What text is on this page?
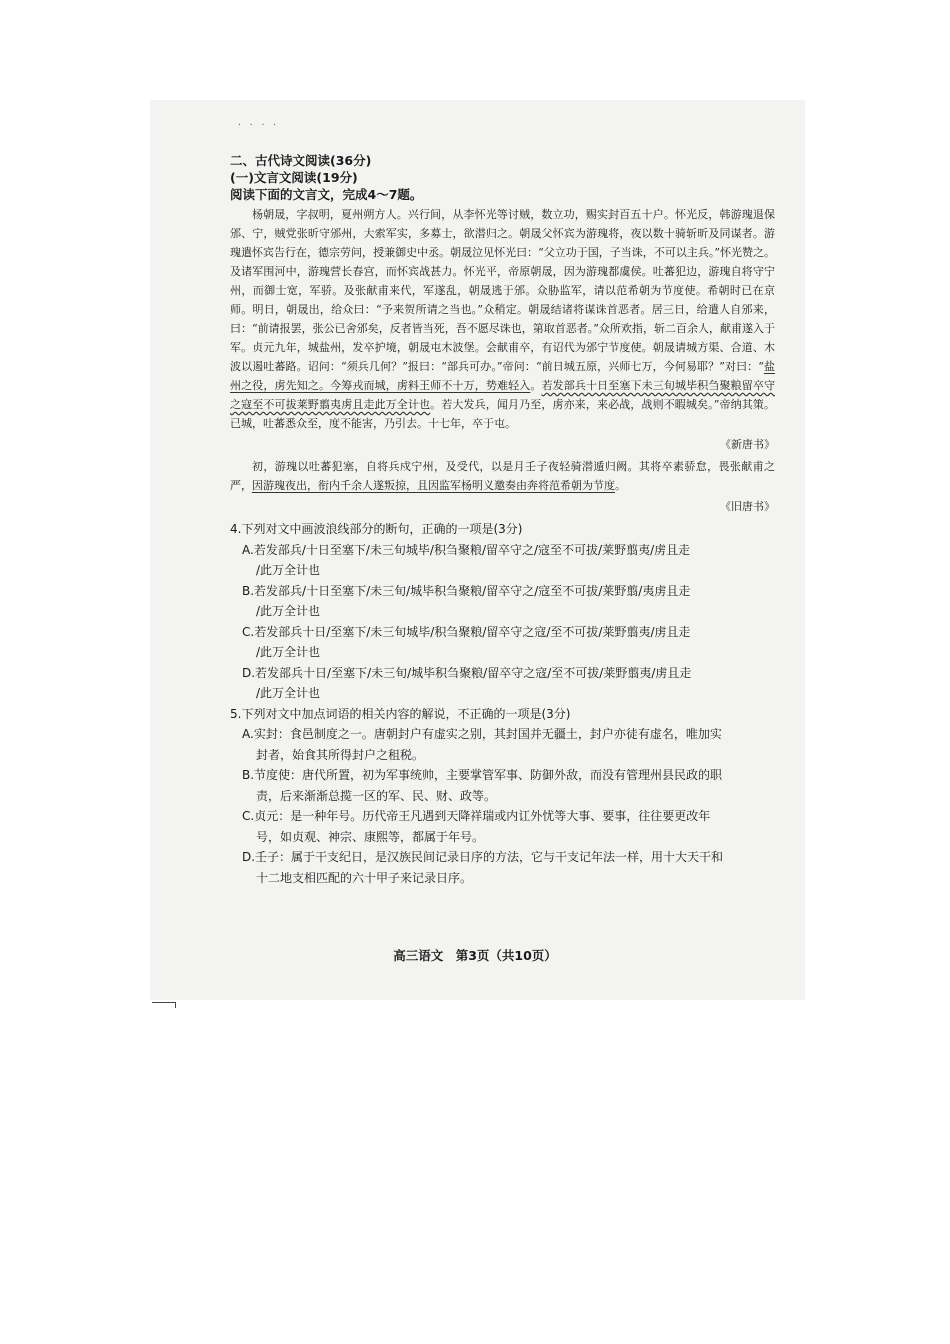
. . . .

二、古代诗文阅读(36分)

(一)文言文阅读(19分)

阅读下面的文言文，完成4～7题。

杨朝晟，字叔明，夏州朔方人。兴行间，从李怀光等讨贼，数立功，赐实封百五十户。怀光反，韩游瑰退保邠、宁，贼党张昕守邠州，大索军实，多募士，欲潜归之。朝晟父怀宾为游瑰将，夜以数十骑斩昕及同谋者。游瑰遣怀宾告行在，德宗劳问，授兼御史中丞。朝晟泣见怀光曰：“父立功于国，子当诛，不可以主兵。”怀光赞之。及诸军围河中，游瑰营长春宫，而怀宾战甚力。怀光平，帝原朝晟，因为游瑰都虞侯。吐蕃犯边，游瑰自将守宁州，而御士宽，军骄。及张献甫来代，军遂乱，朝晟逃于邠。众胁监军，请以范希朝为节度使。希朝时已在京师。明日，朝晟出，给众曰：“予来贺所请之当也。”众稍定。朝晟结诸将谋诛首恶者。居三日，给遣人自邠来，曰：“前请报罢，张公已舍邠矣，反者皆当死，吾不愿尽诛也，第取首恶者。”众所欢指，斩二百余人，献甫遂入于军。贞元九年，城盐州，发卒护境，朝晟屯木波堡。会献甫卒，有诏代为邠宁节度使。朝晟请城方渠、合道、木波以遏吐蕃路。诏问：“须兵几何？”报曰：“部兵可办。”帝问：“前日城五原，兴师七万，今何易耶？”对曰：“盐州之役，虏先知之。今筹戎而城，虏料王师不十万，势难轻入。若发部兵十日至塞下未三旬城毕积刍聚粮留卒守之寇至不可拔莱野翦夷虏且走此万全计也。若大发兵，闻月乃至，虏亦来，来必战，战则不暇城矣。”帝纳其策。已城，吐蕃悉众至，度不能害，乃引去。十七年，卒于屯。

《新唐书》

初，游瑰以吐蕃犯塞，自将兵戍宁州，及受代，以是月壬子夜轻骑潜遁归阙。其将卒素骄怠，畏张献甫之严，因游瑰夜出，衔内千余人遂叛掠，且因监军杨明义邀奏由奔将范希朝为节度。

《旧唐书》

4.下列对文中画波浪线部分的断句，正确的一项是(3分)

A.若发部兵/十日至塞下/未三旬城毕/积刍聚粮/留卒守之/寇至不可拔/莱野翦夷/虏且走
/此万全计也

B.若发部兵/十日至塞下/未三旬/城毕积刍聚粮/留卒守之/寇至不可拔/莱野翦/夷虏且走
/此万全计也

C.若发部兵十日/至塞下/未三旬城毕/积刍聚粮/留卒守之寇/至不可拔/莱野翦夷/虏且走
/此万全计也

D.若发部兵十日/至塞下/未三旬/城毕积刍聚粮/留卒守之寇/至不可拔/莱野翦夷/虏且走
/此万全计也

5.下列对文中加点词语的相关内容的解说，不正确的一项是(3分)

A.实封：食邑制度之一。唐朝封户有虚实之别，其封国并无疆土，封户亦徒有虚名，唯加实
封者，始食其所得封户之租税。

B.节度使：唐代所置，初为军事统帅，主要掌管军事、防御外敌，而没有管理州县民政的职
责，后来渐渐总揽一区的军、民、财、政等。

C.贞元：是一种年号。历代帝王凡遇到天降祥瑞或内讧外忧等大事、要事，往往要更改年
号，如贞观、神宗、康熙等，都属于年号。

D.壬子：属于干支纪日，是汉族民间记录日序的方法，它与干支记年法一样，用十大天干和
十二地支相匹配的六十甲子来记录日序。

高三语文　第3页（共10页）
